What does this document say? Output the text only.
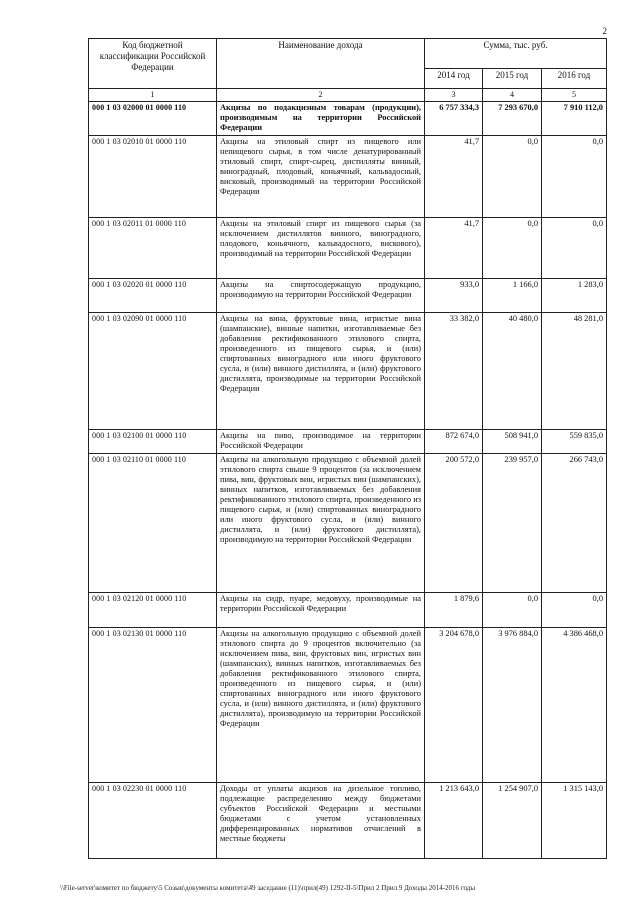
2
Код бюджетной классификации Российской Федерации	Наименование дохода	Сумма, тыс. руб.		
		2014 год	2015 год	2016 год
1	2	3	4	5
000 1 03 02000 01 0000 110	Акцизы по подакцизным товарам (продукции), производимым на территории Российской Федерации	6 757 334,3	7 293 670,0	7 910 112,0
000 1 03 02010 01 0000 110	Акцизы на этиловый спирт из пищевого или непищевого сырья, в том числе денатурированный этиловый спирт, спирт-сырец, дистилляты винный, виноградный, плодовый, коньячный, кальвадосный, висковый, производимый на территории Российской Федерации	41,7	0,0	0,0
000 1 03 02011 01 0000 110	Акцизы на этиловый спирт из пищевого сырья (за исключением дистиллятов винного, виноградного, плодового, коньячного, кальвадосного, вискового), производимый на территории Российской Федерации	41,7	0,0	0,0
000 1 03 02020 01 0000 110	Акцизы на спиртосодержащую продукцию, производимую на территории Российской Федерации	933,0	1 166,0	1 283,0
000 1 03 02090 01 0000 110	Акцизы на вина, фруктовые вина, игристые вина (шампанские), винные напитки, изготавливаемые без добавления ректификованного этилового спирта, произведенного из пищевого сырья, и (или) спиртованных виноградного или иного фруктового сусла, и (или) винного дистиллята, и (или) фруктового дистиллята, производимые на территории Российской Федерации	33 382,0	40 480,0	48 281,0
000 1 03 02100 01 0000 110	Акцизы на пиво, производимое на территории Российской Федерации	872 674,0	508 941,0	559 835,0
000 1 03 02110 01 0000 110	Акцизы на алкогольную продукцию с объемной долей этилового спирта свыше 9 процентов (за исключением пива, вин, фруктовых вин, игристых вин (шампанских), винных напитков, изготавливаемых без добавления ректификованного этилового спирта, произведенного из пищевого сырья, и (или) спиртованных виноградного или иного фруктового сусла, и (или) винного дистиллята, и (или) фруктового дистиллята), производимую на территории Российской Федерации	200 572,0	239 957,0	266 743,0
000 1 03 02120 01 0000 110	Акцизы на сидр, пуаре, медовуху, производимые на территории Российской Федерации	1 879,6	0,0	0,0
000 1 03 02130 01 0000 110	Акцизы на алкогольную продукцию с объемной долей этилового спирта до 9 процентов включительно (за исключением пива, вин, фруктовых вин, игристых вин (шампанских), винных напитков, изготавливаемых без добавления ректификованного этилового спирта, произведенного из пищевого сырья, и (или) спиртованных виноградного или иного фруктового сусла, и (или) винного дистиллята, и (или) фруктового дистиллята), производимую на территории Российской Федерации	3 204 678,0	3 976 884,0	4 386 468,0
000 1 03 02230 01 0000 110	Доходы от уплаты акцизов на дизельное топливо, подлежащие распределению между бюджетами субъектов Российской Федерации и местными бюджетами с учетом установленных дифференцированных нормативов отчислений в местные бюджеты	1 213 643,0	1 254 907,0	1 315 143,0
\\File-server\комитет по бюджету\5 Созыв\документы комитета\49 заседание (11)\прил(49) 1292-II-5\Прил 2 Прил 9 Доходы 2014-2016 годы
